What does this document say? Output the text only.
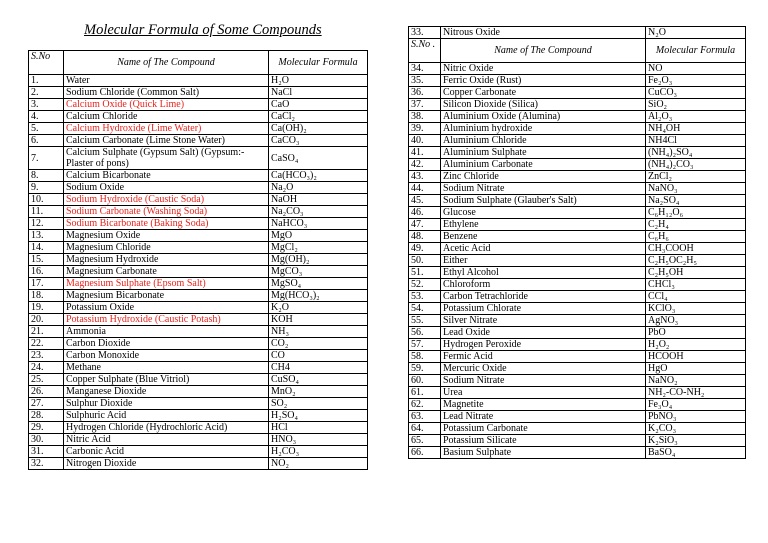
Molecular Formula of Some Compounds
S.No	Name of The Compound	Molecular Formula
1.	Water	H₂O
2.	Sodium Chloride (Common Salt)	NaCl
3.	Calcium Oxide (Quick Lime)	CaO
4.	Calcium Chloride	CaCl₂
5.	Calcium Hydroxide (Lime Water)	Ca(OH)₂
6.	Calcium Carbonate (Lime Stone Water)	CaCO₃
7.	Calcium Sulphate (Gypsum Salt) (Gypsum:-Plaster of pons)	CaSO₄
8.	Calcium Bicarbonate	Ca(HCO₃)₂
9.	Sodium Oxide	Na₂O
10.	Sodium Hydroxide (Caustic Soda)	NaOH
11.	Sodium Carbonate (Washing Soda)	Na₂CO₃
12.	Sodium Bicarbonate (Baking Soda)	NaHCO₃
13.	Magnesium Oxide	MgO
14.	Magnesium Chloride	MgCl₂
15.	Magnesium Hydroxide	Mg(OH)₂
16.	Magnesium Carbonate	MgCO₃
17.	Magnesium Sulphate (Epsom Salt)	MgSO₄
18.	Magnesium Bicarbonate	Mg(HCO₃)₂
19.	Potassium Oxide	K₂O
20.	Potassium Hydroxide (Caustic Potash)	KOH
21.	Ammonia	NH₃
22.	Carbon Dioxide	CO₂
23.	Carbon Monoxide	CO
24.	Methane	CH4
25.	Copper Sulphate (Blue Vitriol)	CuSO₄
26.	Manganese Dioxide	MnO₂
27.	Sulphur Dioxide	SO₂
28.	Sulphuric Acid	H₂SO₄
29.	Hydrogen Chloride (Hydrochloric Acid)	HCl
30.	Nitric Acid	HNO₃
31.	Carbonic Acid	H₂CO₃
32.	Nitrogen Dioxide	NO₂
33.	Nitrous Oxide	N₂O
S.No .	Name of The Compound	Molecular Formula
34.	Nitric Oxide	NO
35.	Ferric Oxide (Rust)	Fe₂O₃
36.	Copper Carbonate	CuCO₃
37.	Silicon Dioxide (Silica)	SiO₂
38.	Aluminium Oxide (Alumina)	Al₂O₃
39.	Aluminium hydroxide	NH₄OH
40.	Aluminium Chloride	NH4Cl
41.	Aluminium Sulphate	(NH₄)₂SO₄
42.	Aluminium Carbonate	(NH₄)₂CO₃
43.	Zinc Chloride	ZnCl₂
44.	Sodium Nitrate	NaNO₃
45.	Sodium Sulphate (Glauber's Salt)	Na₂SO₄
46.	Glucose	C₆H₁₂O₆
47.	Ethylene	C₂H₄
48.	Benzene	C₆H₆
49.	Acetic Acid	CH₃COOH
50.	Either	C₂H₅OC₂H₅
51.	Ethyl Alcohol	C₂H₅OH
52.	Chloroform	CHCl₃
53.	Carbon Tetrachloride	CCl₄
54.	Potassium Chlorate	KClO₃
55.	Silver Nitrate	AgNO₃
56.	Lead Oxide	PbO
57.	Hydrogen Peroxide	H₂O₂
58.	Fermic Acid	HCOOH
59.	Mercuric Oxide	HgO
60.	Sodium Nitrate	NaNO₂
61.	Urea	NH₂-CO-NH₂
62.	Magnetite	Fe₃O₄
63.	Lead Nitrate	PbNO₃
64.	Potassium Carbonate	K₂CO₃
65.	Potassium Silicate	K₂SiO₃
66.	Basium Sulphate	BaSO₄
